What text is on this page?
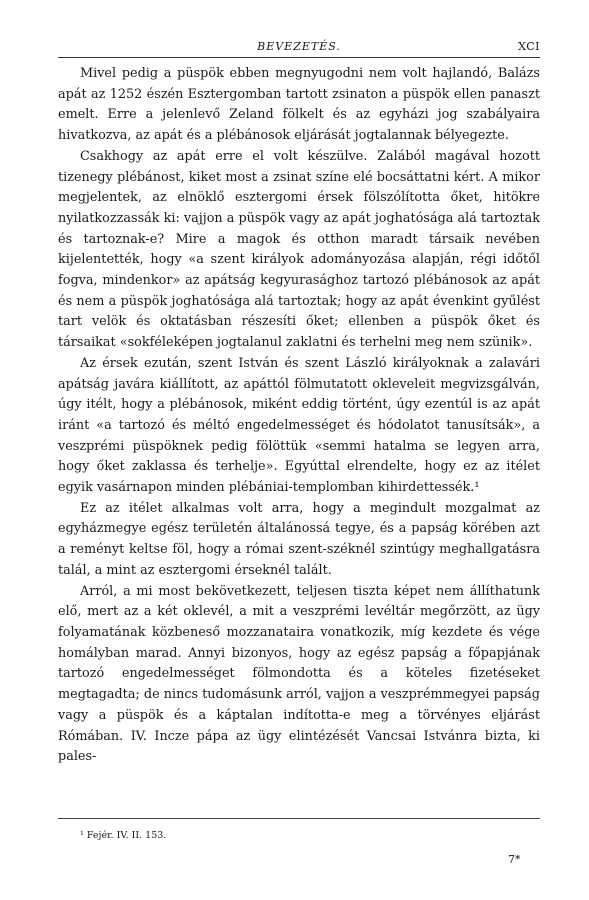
BEVEZETÉS.	XCI

Mivel pedig a püspök ebben megnyugodni nem volt hajlandó, Balázs apát az 1252 észén Esztergomban tartott zsinaton a püspök ellen panaszt emelt. Erre a jelenlevő Zeland fölkelt és az egyházi jog szabályaira hivatkozva, az apát és a plébánosok eljárását jogtalannak bélyegezte.

Csakhogy az apát erre el volt készülve. Zalából magával hozott tizenegy plébánost, kiket most a zsinat színe elé bocsáttatni kért. A mikor megjelentek, az elnöklő esztergomi érsek fölszólította őket, hitökre nyilatkozzassák ki: vajjon a püspök vagy az apát joghatósága alá tartoztak és tartoznak-e? Mire a magok és otthon maradt társaik nevében kijelentették, hogy «a szent királyok adományozása alapján, régi időtől fogva, mindenkor» az apátság kegyurasághoz tartozó plébánosok az apát és nem a püspök joghatósága alá tartoztak; hogy az apát évenkint gyűlést tart velök és oktatásban részesíti őket; ellenben a püspök őket és társaikat «sokféleképen jogtalanul zaklatni és terhelni meg nem szünik».

Az érsek ezután, szent István és szent László királyoknak a zalavári apátság javára kiállított, az apáttól fölmutatott okleveleit megvizsgálván, úgy itélt, hogy a plébánosok, miként eddig történt, úgy ezentúl is az apát iránt «a tartozó és méltó engedelmességet és hódolatot tanusítsák», a veszprémi püspöknek pedig fölöttük «semmi hatalma se legyen arra, hogy őket zaklassa és terhelje». Egyúttal elrendelte, hogy ez az itélet egyik vasárnapon minden plébániai-templomban kihirdettessék.¹

Ez az itélet alkalmas volt arra, hogy a megindult mozgalmat az egyházmegye egész területén általánossá tegye, és a papság körében azt a reményt keltse föl, hogy a római szent-széknél szintúgy meghallgatásra talál, a mint az esztergomi érseknél talált.

Arról, a mi most bekövetkezett, teljesen tiszta képet nem állíthatunk elő, mert az a két oklevél, a mit a veszprémi levéltár megőrzött, az ügy folyamatának közbeneső mozzanataira vonatkozik, míg kezdete és vége homályban marad. Annyi bizonyos, hogy az egész papság a főpapjának tartozó engedelmességet fölmondotta és a köteles fizetéseket megtagadta; de nincs tudomásunk arról, vajjon a veszprémmegyei papság vagy a püspök és a káptalan indította-e meg a törvényes eljárást Rómában. IV. Incze pápa az ügy elintézését Vancsai Istvánra bizta, ki pales-

¹ Fejér. IV. II. 153.
7*
